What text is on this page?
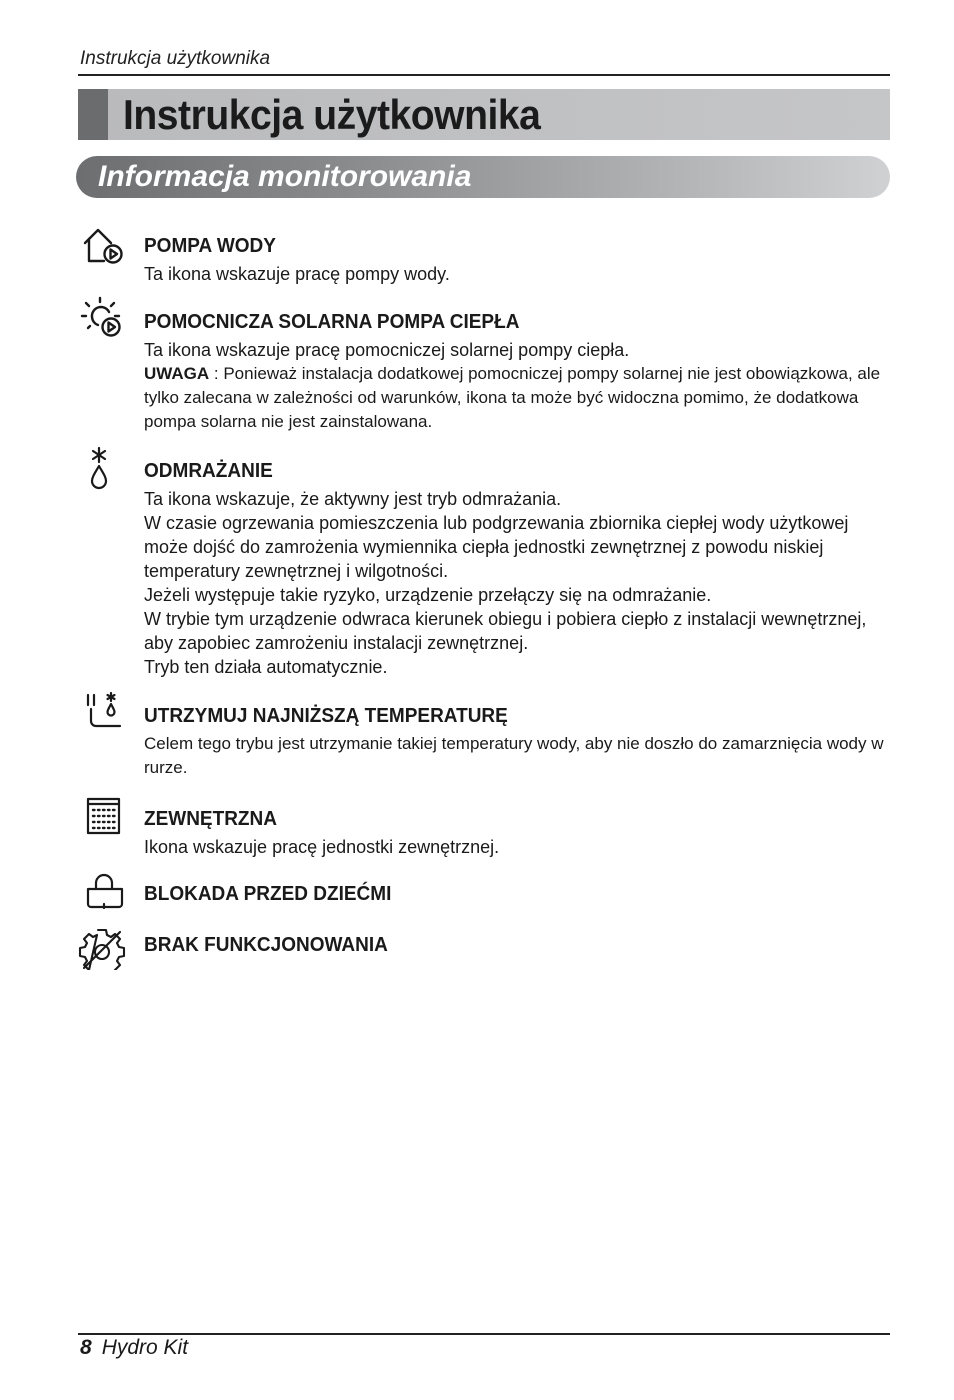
Instrukcja użytkownika
Instrukcja użytkownika
Informacja monitorowania
POMPA WODY

Ta ikona wskazuje pracę pompy wody.

POMOCNICZA SOLARNA POMPA CIEPŁA

Ta ikona wskazuje pracę pomocniczej solarnej pompy ciepła.

UWAGA : Ponieważ instalacja dodatkowej pomocniczej pompy solarnej nie jest obowiązkowa, ale tylko zalecana w zależności od warunków, ikona ta może być widoczna pomimo, że dodatkowa pompa solarna nie jest zainstalowana.

ODMRAŻANIE

Ta ikona wskazuje, że aktywny jest tryb odmrażania.

W czasie ogrzewania pomieszczenia lub podgrzewania zbiornika ciepłej wody użytkowej może dojść do zamrożenia wymiennika ciepła jednostki zewnętrznej z powodu niskiej temperatury zewnętrznej i wilgotności.

Jeżeli występuje takie ryzyko, urządzenie przełączy się na odmrażanie.

W trybie tym urządzenie odwraca kierunek obiegu i pobiera ciepło z instalacji wewnętrznej, aby zapobiec zamrożeniu instalacji zewnętrznej.

Tryb ten działa automatycznie.

UTRZYMUJ NAJNIŻSZĄ TEMPERATURĘ

Celem tego trybu jest utrzymanie takiej temperatury wody, aby nie doszło do zamarznięcia wody w rurze.

ZEWNĘTRZNA

Ikona wskazuje pracę jednostki zewnętrznej.

BLOKADA PRZED DZIEĆMI
BRAK FUNKCJONOWANIA
8 Hydro Kit
